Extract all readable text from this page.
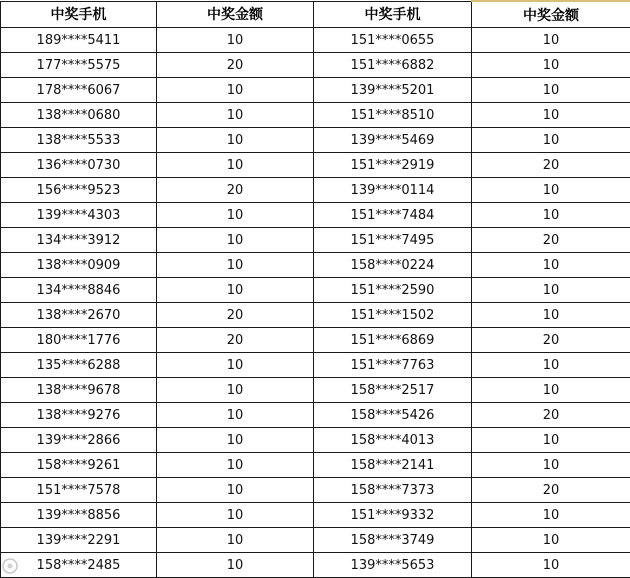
中奖手机	中奖金额	中奖手机	中奖金额
189****5411	10	151****0655	10
177****5575	20	151****6882	10
178****6067	10	139****5201	10
138****0680	10	151****8510	10
138****5533	10	139****5469	10
136****0730	10	151****2919	20
156****9523	20	139****0114	10
139****4303	10	151****7484	10
134****3912	10	151****7495	20
138****0909	10	158****0224	10
134****8846	10	151****2590	10
138****2670	20	151****1502	10
180****1776	20	151****6869	20
135****6288	10	151****7763	10
138****9678	10	158****2517	10
138****9276	10	158****5426	20
139****2866	10	158****4013	10
158****9261	10	158****2141	10
151****7578	10	158****7373	20
139****8856	10	151****9332	10
139****2291	10	158****3749	10
158****2485	10	139****5653	10
